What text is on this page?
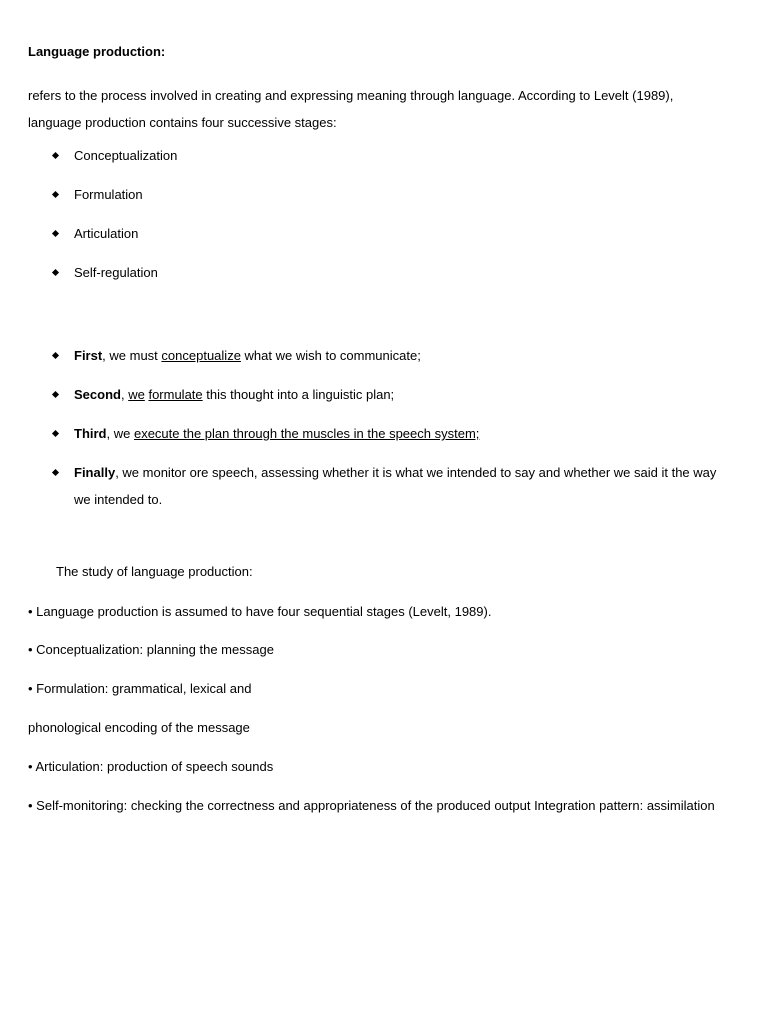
Language production:
refers to the process involved in creating and expressing meaning through language. According to Levelt (1989), language production contains four successive stages:
Conceptualization
Formulation
Articulation
Self-regulation
First, we must conceptualize what we wish to communicate;
Second, we formulate this thought into a linguistic plan;
Third, we execute the plan through the muscles in the speech system;
Finally, we monitor ore speech, assessing whether it is what we intended to say and whether we said it the way we intended to.
The study of language production:
• Language production is assumed to have four sequential stages (Levelt, 1989).
• Conceptualization: planning the message
• Formulation: grammatical, lexical and
phonological encoding of the message
• Articulation: production of speech sounds
• Self-monitoring: checking the correctness and appropriateness of the produced output Integration pattern: assimilation
